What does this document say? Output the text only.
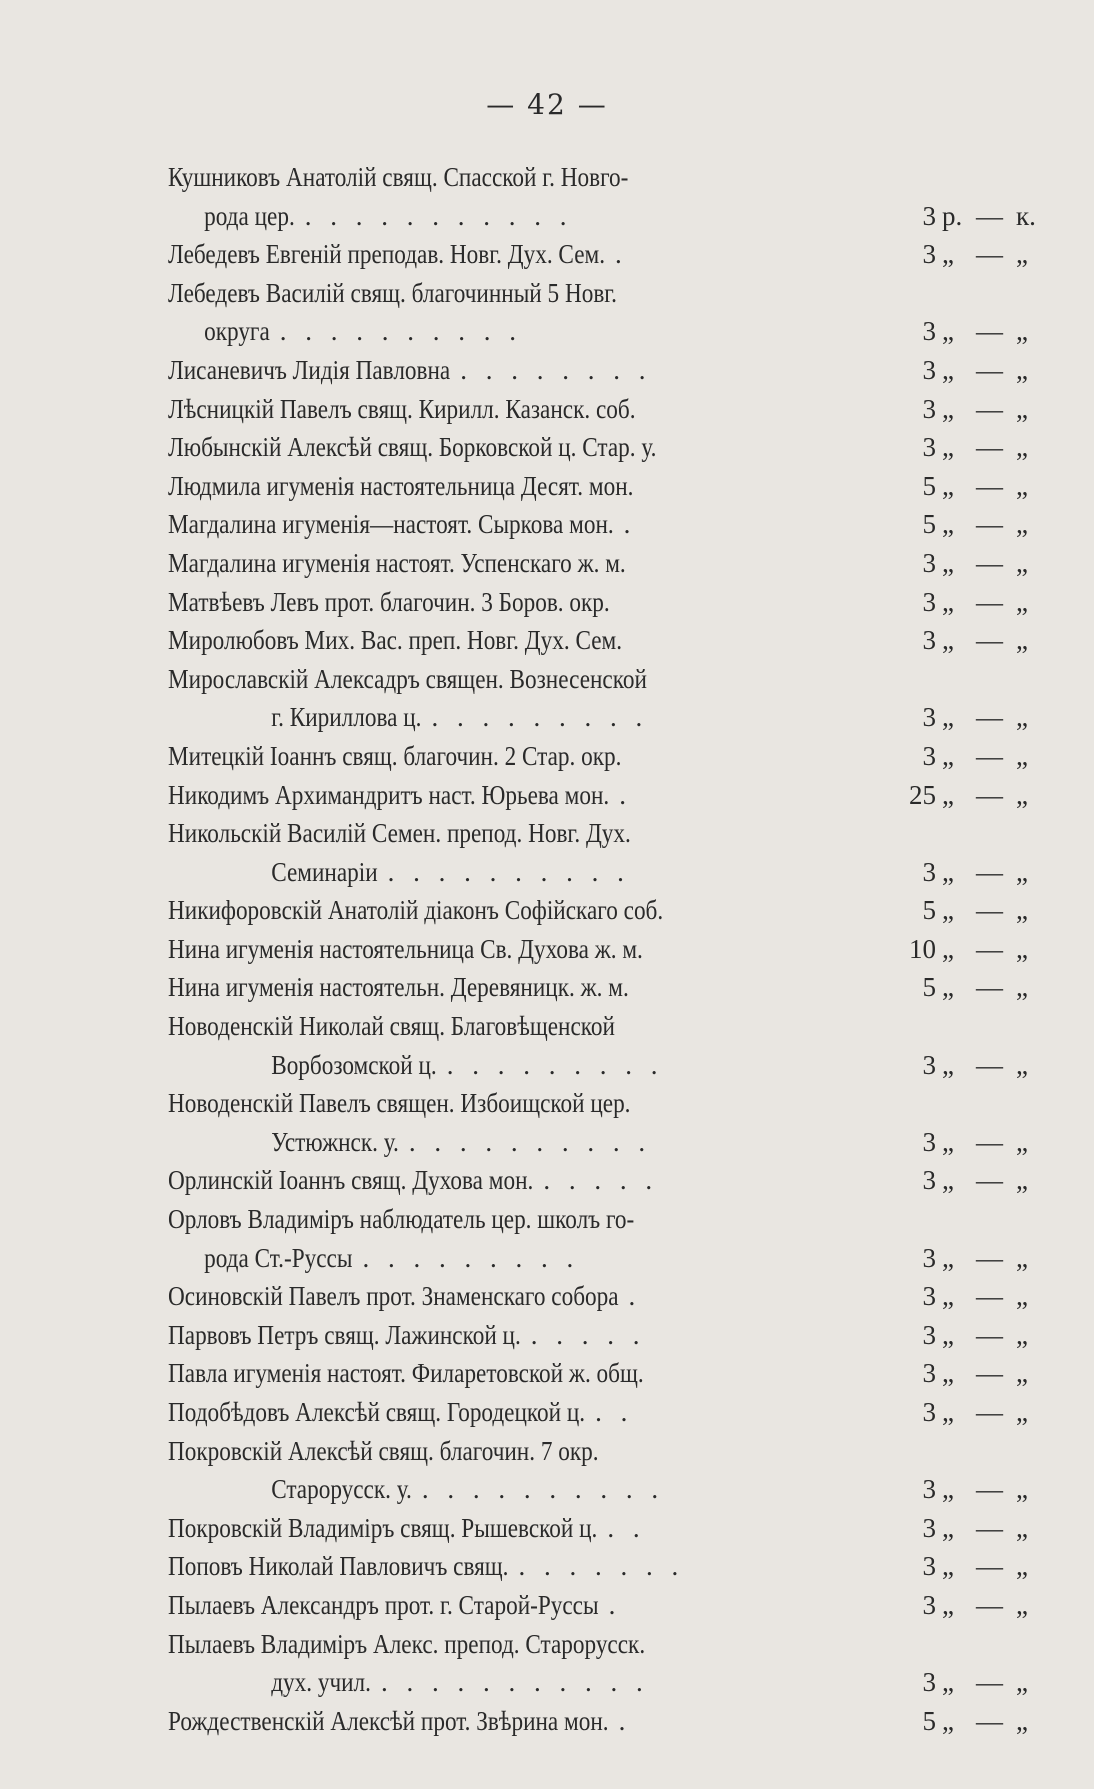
— 42 —
Кушниковъ Анатолiй свящ. Спасской г. Новго-
рода цер. . . . . . . . . . . .	3 р. — к.
Лебедевъ Евгенiй преподав. Новг. Дух. Сем. .	3 „ — „
Лебедевъ Василiй свящ. благочинный 5 Новг.
округа . . . . . . . . . .	3 „ — „
Лисаневичъ Лидiя Павловна . . . . . . . .	3 „ — „
Лѣсницкiй Павелъ свящ. Кирилл. Казанск. соб.	3 „ — „
Любынскiй Алексѣй свящ. Борковской ц. Стар. у.	3 „ — „
Людмила игуменiя настоятельница Десят. мон.	5 „ — „
Магдалина игуменiя—настоят. Сыркова мон. .	5 „ — „
Магдалина игуменiя настоят. Успенскаго ж. м.	3 „ — „
Матвѣевъ Левъ прот. благочин. 3 Боров. окр.	3 „ — „
Миролюбовъ Мих. Вас. преп. Новг. Дух. Сем.	3 „ — „
Мирославскiй Алексадръ священ. Вознесенской
г. Кириллова ц. . . . . . . . . .	3 „ — „
Митецкiй Iоаннъ свящ. благочин. 2 Стар. окр.	3 „ — „
Никодимъ Архимандритъ наст. Юрьева мон. .	25 „ — „
Никольскiй Василiй Семен. препод. Новг. Дух.
Семинарiи . . . . . . . . . .	3 „ — „
Никифоровскiй Анатолiй дiаконъ Софiйскаго соб.	5 „ — „
Нина игуменiя настоятельница Св. Духова ж. м.	10 „ — „
Нина игуменiя настоятельн. Деревяницк. ж. м.	5 „ — „
Новоденскiй Николай свящ. Благовѣщенской
Ворбозомской ц. . . . . . . . . .	3 „ — „
Новоденскiй Павелъ священ. Избоищской цер.
Устюжнск. у. . . . . . . . . . .	3 „ — „
Орлинскiй Iоаннъ свящ. Духова мон. . . . . .	3 „ — „
Орловъ Владимiръ наблюдатель цер. школъ го-
рода Ст.-Руссы . . . . . . . . .	3 „ — „
Осиновскiй Павелъ прот. Знаменскаго собора .	3 „ — „
Парвовъ Петръ свящ. Лажинской ц. . . . . .	3 „ — „
Павла игуменiя настоят. Филаретовской ж. общ.	3 „ — „
Подобѣдовъ Алексѣй свящ. Городецкой ц. . .	3 „ — „
Покровскiй Алексѣй свящ. благочин. 7 окр.
Старорусск. у. . . . . . . . . . .	3 „ — „
Покровскiй Владимiръ свящ. Рышевской ц. . .	3 „ — „
Поповъ Николай Павловичъ свящ. . . . . . . .	3 „ — „
Пылаевъ Александръ прот. г. Старой-Руссы .	3 „ — „
Пылаевъ Владимiръ Алекс. препод. Старорусск.
дух. учил. . . . . . . . . . . .	3 „ — „
Рождественскiй Алексѣй прот. Звѣрина мон. .	5 „ — „
